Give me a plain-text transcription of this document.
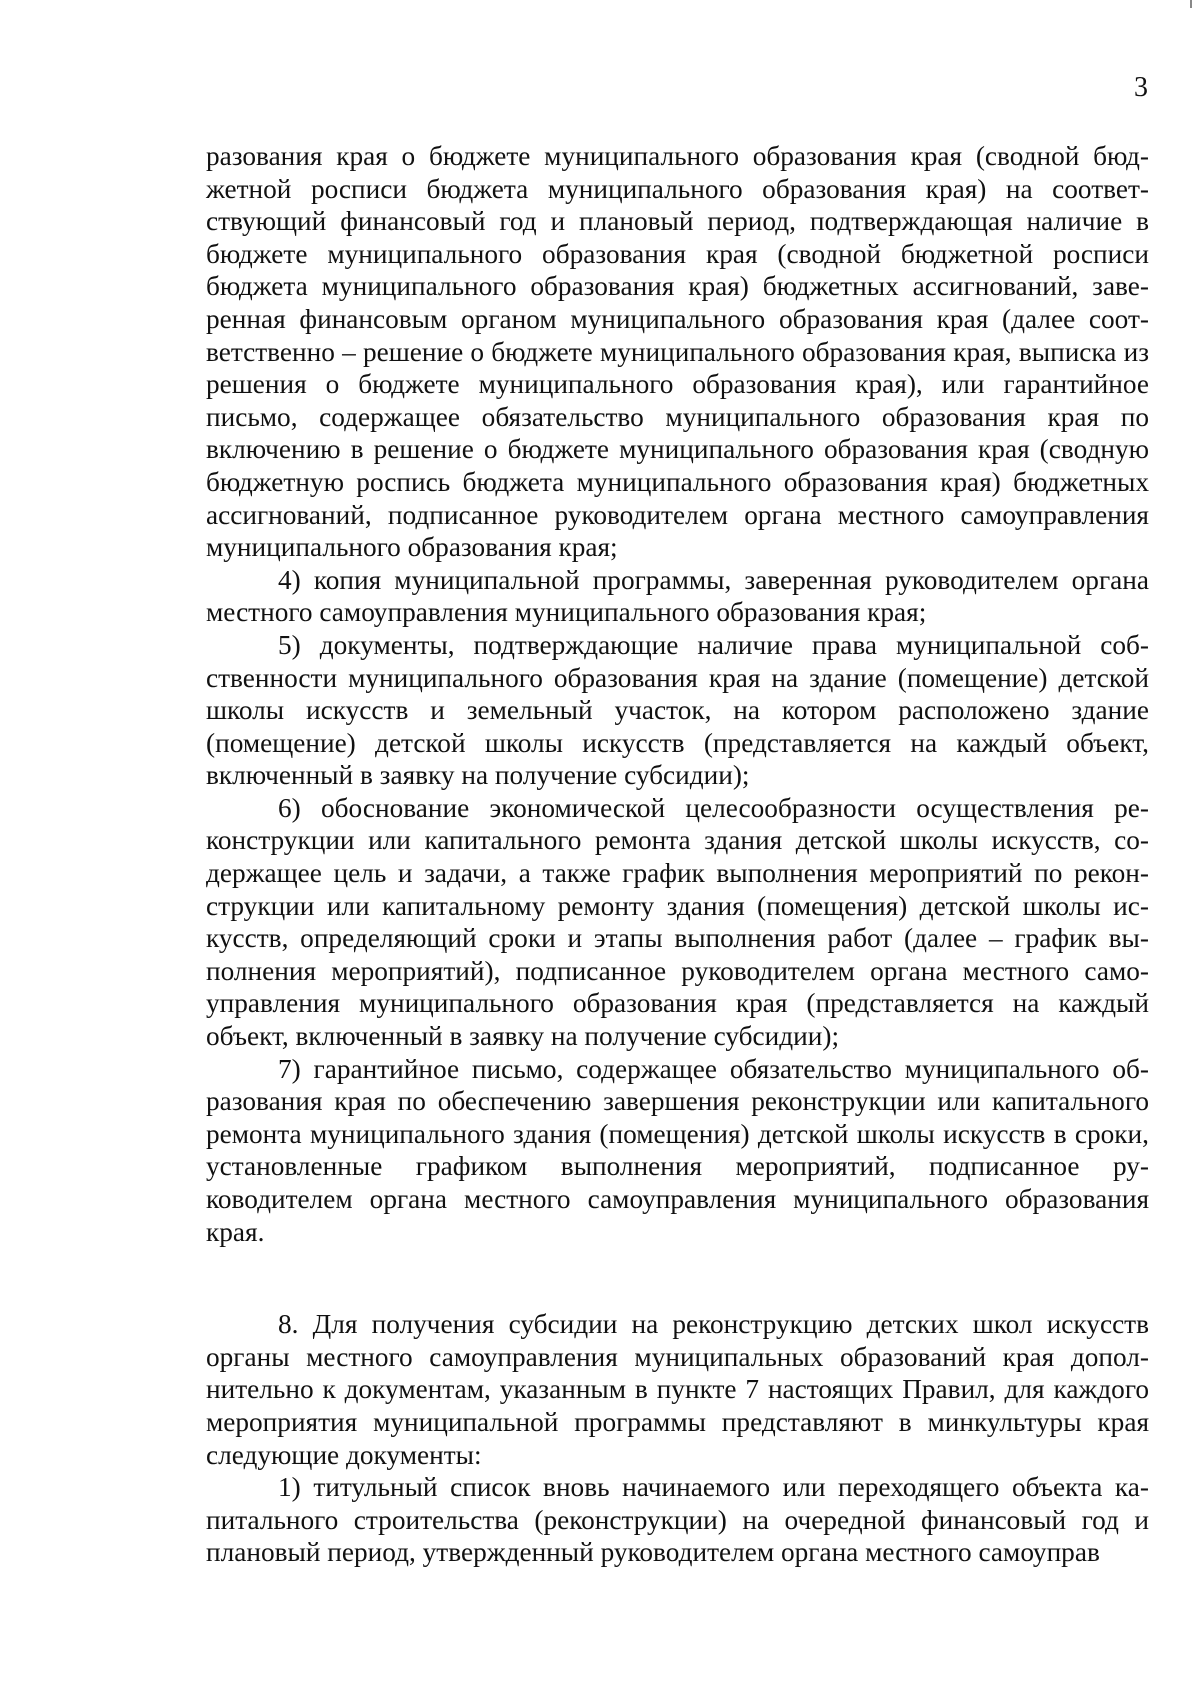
3

разования края о бюджете муниципального образования края (сводной бюджетной росписи бюджета муниципального образования края) на соответствующий финансовый год и плановый период, подтверждающая наличие в бюджете муниципального образования края (сводной бюджетной росписи бюджета муниципального образования края) бюджетных ассигнований, заверенная финансовым органом муниципального образования края (далее соответственно – решение о бюджете муниципального образования края, выписка из решения о бюджете муниципального образования края), или гарантийное письмо, содержащее обязательство муниципального образования края по включению в решение о бюджете муниципального образования края (сводную бюджетную роспись бюджета муниципального образования края) бюджетных ассигнований, подписанное руководителем органа местного самоуправления муниципального образования края;

4) копия муниципальной программы, заверенная руководителем органа местного самоуправления муниципального образования края;

5) документы, подтверждающие наличие права муниципальной собственности муниципального образования края на здание (помещение) детской школы искусств и земельный участок, на котором расположено здание (помещение) детской школы искусств (представляется на каждый объект, включенный в заявку на получение субсидии);

6) обоснование экономической целесообразности осуществления реконструкции или капитального ремонта здания детской школы искусств, содержащее цель и задачи, а также график выполнения мероприятий по реконструкции или капитальному ремонту здания (помещения) детской школы искусств, определяющий сроки и этапы выполнения работ (далее – график выполнения мероприятий), подписанное руководителем органа местного самоуправления муниципального образования края (представляется на каждый объект, включенный в заявку на получение субсидии);

7) гарантийное письмо, содержащее обязательство муниципального образования края по обеспечению завершения реконструкции или капитального ремонта муниципального здания (помещения) детской школы искусств в сроки, установленные графиком выполнения мероприятий, подписанное руководителем органа местного самоуправления муниципального образования края.

8. Для получения субсидии на реконструкцию детских школ искусств органы местного самоуправления муниципальных образований края дополнительно к документам, указанным в пункте 7 настоящих Правил, для каждого мероприятия муниципальной программы представляют в минкультуры края следующие документы:

1) титульный список вновь начинаемого или переходящего объекта капитального строительства (реконструкции) на очередной финансовый год и плановый период, утвержденный руководителем органа местного самоуправ
